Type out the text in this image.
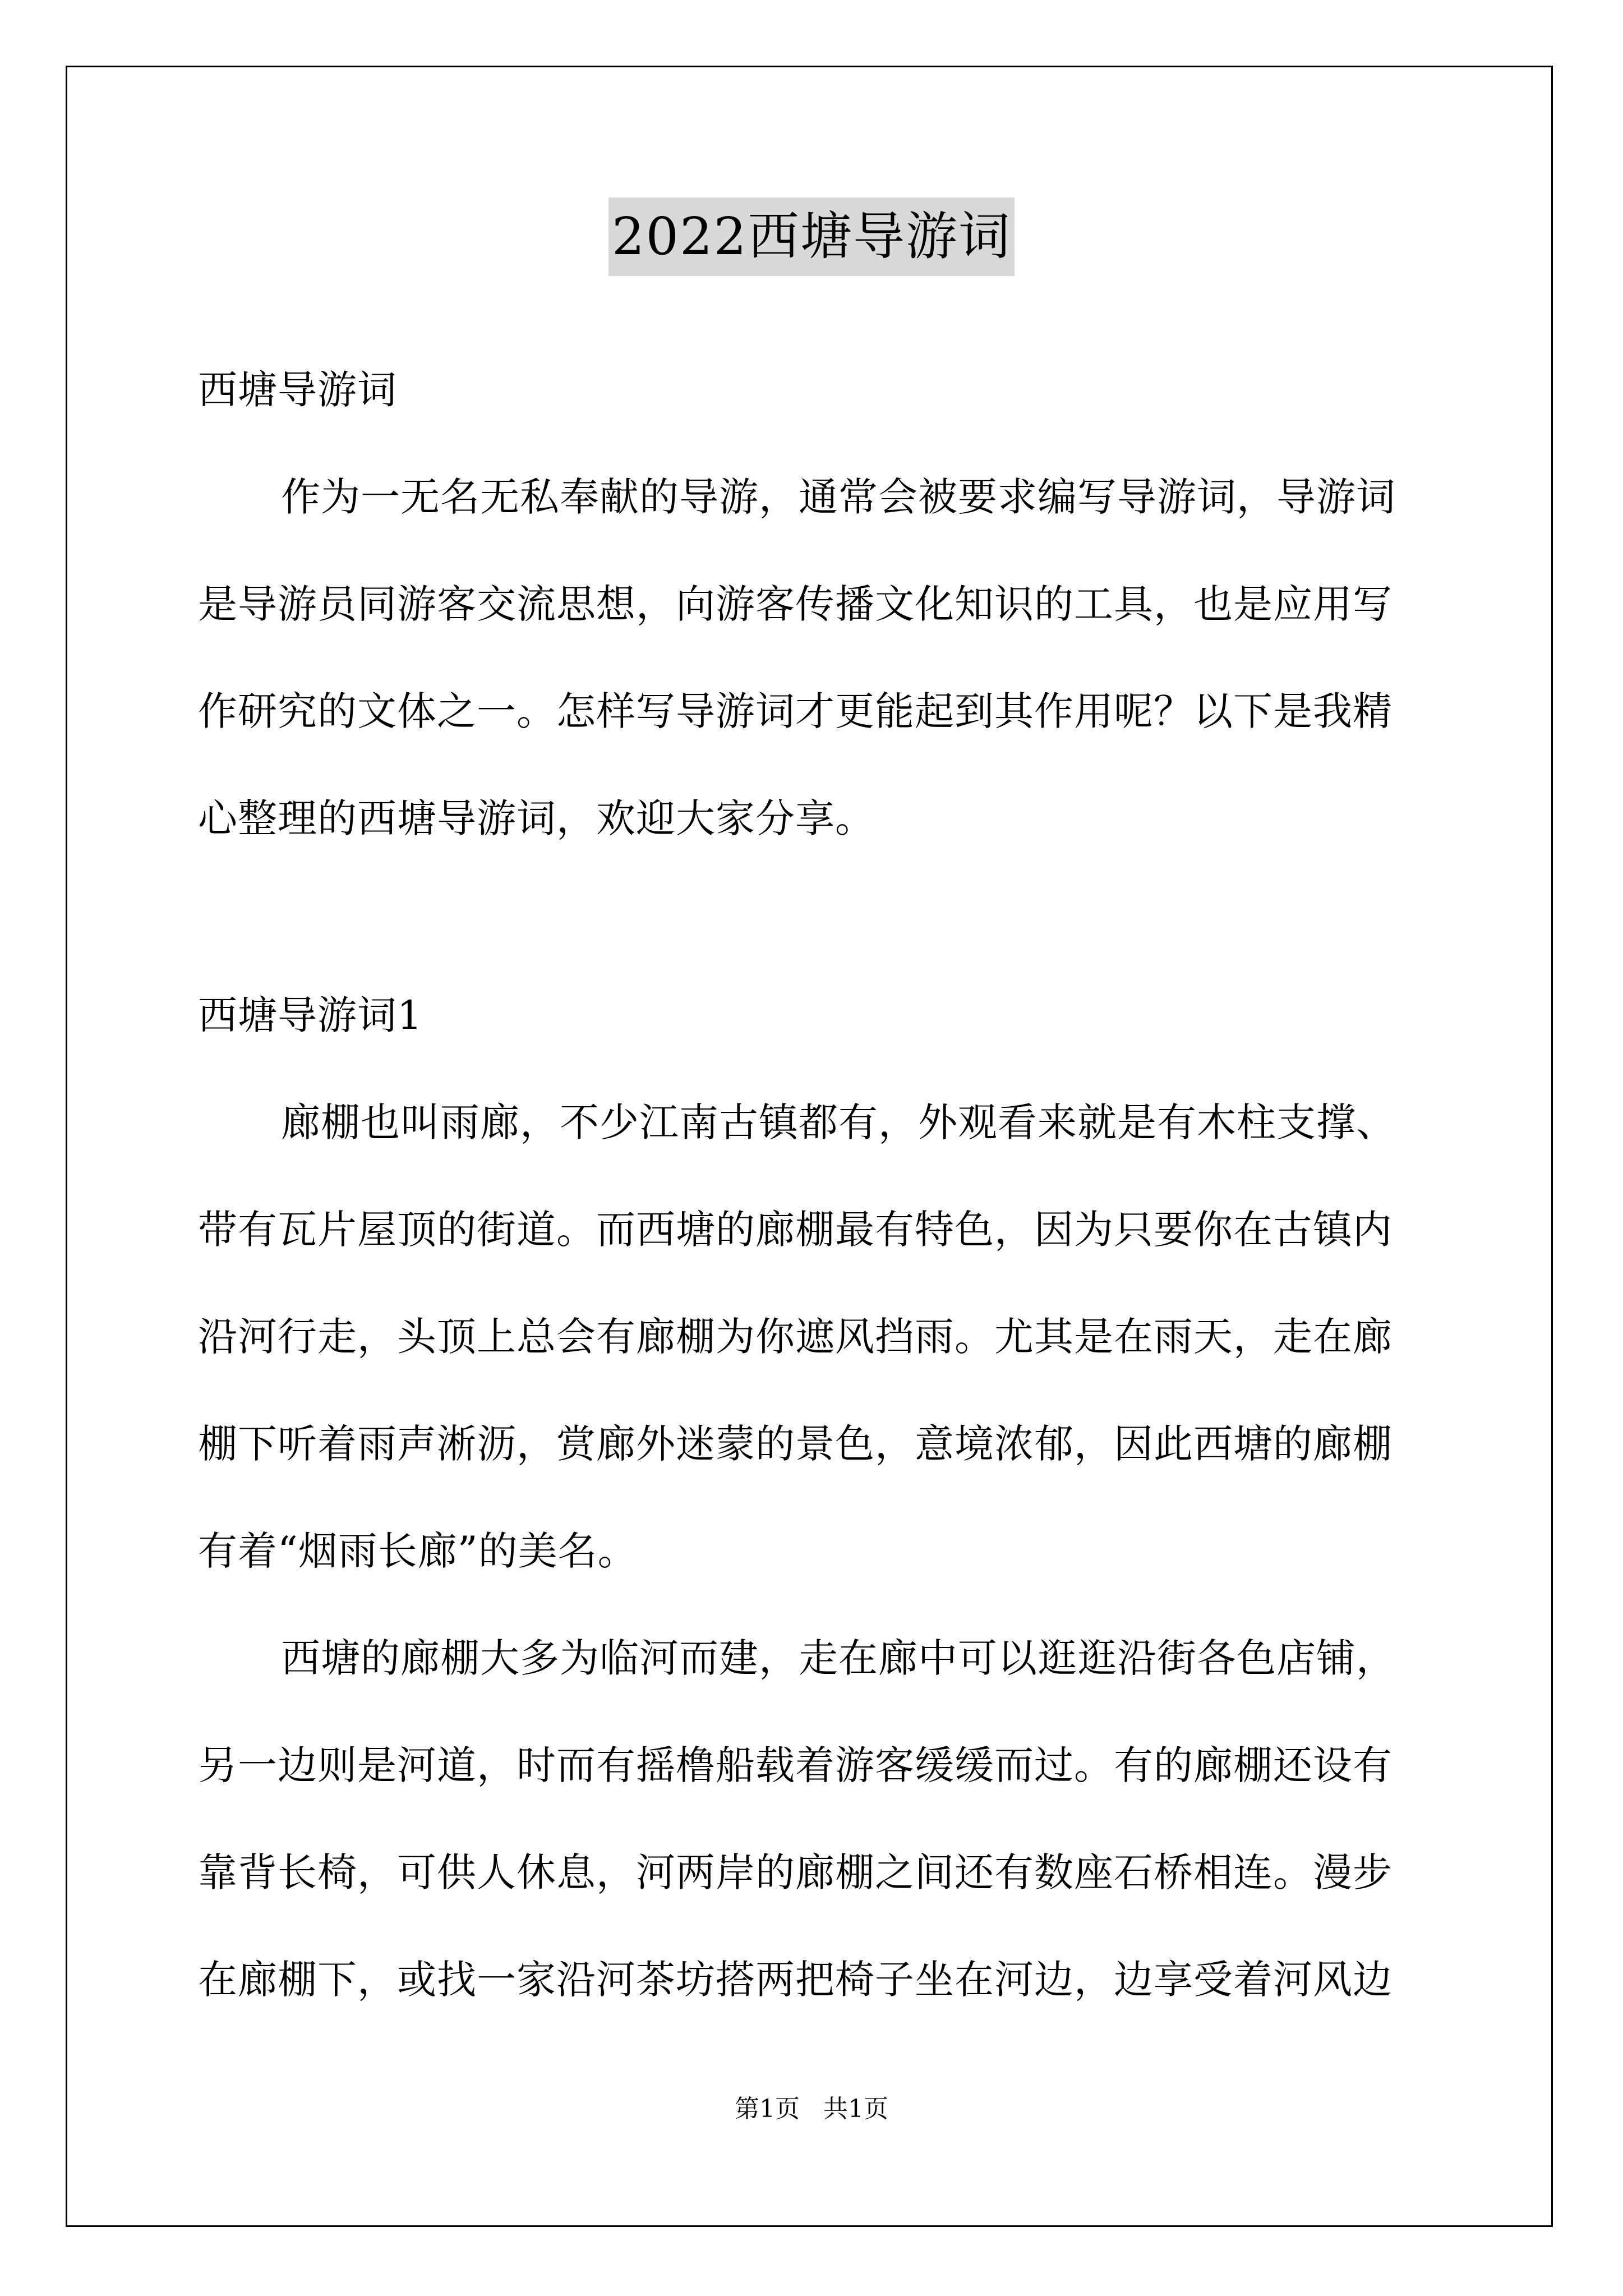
2022西塘导游词
西塘导游词
作为一无名无私奉献的导游，通常会被要求编写导游词，导游词
是导游员同游客交流思想，向游客传播文化知识的工具，也是应用写
作研究的文体之一。怎样写导游词才更能起到其作用呢？以下是我精
心整理的西塘导游词，欢迎大家分享。
西塘导游词1
廊棚也叫雨廊，不少江南古镇都有，外观看来就是有木柱支撑、
带有瓦片屋顶的街道。而西塘的廊棚最有特色，因为只要你在古镇内
沿河行走，头顶上总会有廊棚为你遮风挡雨。尤其是在雨天，走在廊
棚下听着雨声淅沥，赏廊外迷蒙的景色，意境浓郁，因此西塘的廊棚
有着“烟雨长廊”的美名。
西塘的廊棚大多为临河而建，走在廊中可以逛逛沿街各色店铺，
另一边则是河道，时而有摇橹船载着游客缓缓而过。有的廊棚还设有
靠背长椅，可供人休息，河两岸的廊棚之间还有数座石桥相连。漫步
在廊棚下，或找一家沿河茶坊搭两把椅子坐在河边，边享受着河风边
第1页   共1页
